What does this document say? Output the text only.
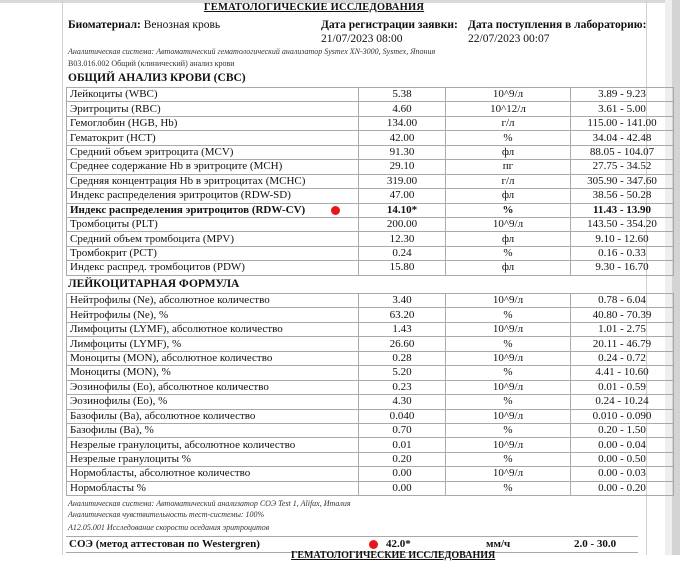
ГЕМАТОЛОГИЧЕСКИЕ ИССЛЕДОВАНИЯ
Биоматериал: Венозная кровь	Дата регистрации заявки:
21/07/2023 08:00
Дата поступления в лабораторию:
22/07/2023 00:07
Аналитическая система: Автоматический гематологический анализатор Sysmex XN-3000, Sysmex, Япония
В03.016.002 Общий (клинический) анализ крови
ОБЩИЙ АНАЛИЗ КРОВИ (CBC)
Лейкоциты (WBC)	5.38	10^9/л	3.89 - 9.23
Эритроциты (RBC)	4.60	10^12/л	3.61 - 5.00
Гемоглобин (HGB, Hb)	134.00	г/л	115.00 - 141.00
Гематокрит (HCT)	42.00	%	34.04 - 42.48
Средний объем эритроцита (MCV)	91.30	фл	88.05 - 104.07
Среднее содержание Hb в эритроците (MCH)	29.10	пг	27.75 - 34.52
Средняя концентрация Hb в эритроцитах (MCHC)	319.00	г/л	305.90 - 347.60
Индекс распределения эритроцитов (RDW-SD)	47.00	фл	38.56 - 50.28
Индекс распределения эритроцитов (RDW-CV)	14.10*	%	11.43 - 13.90
Тромбоциты (PLT)	200.00	10^9/л	143.50 - 354.20
Средний объем тромбоцита (MPV)	12.30	фл	9.10 - 12.60
Тромбокрит (PCT)	0.24	%	0.16 - 0.33
Индекс распред. тромбоцитов (PDW)	15.80	фл	9.30 - 16.70
ЛЕЙКОЦИТАРНАЯ ФОРМУЛА
Нейтрофилы (Ne), абсолютное количество	3.40	10^9/л	0.78 - 6.04
Нейтрофилы (Ne), %	63.20	%	40.80 - 70.39
Лимфоциты (LYMF), абсолютное количество	1.43	10^9/л	1.01 - 2.75
Лимфоциты (LYMF), %	26.60	%	20.11 - 46.79
Моноциты (MON), абсолютное количество	0.28	10^9/л	0.24 - 0.72
Моноциты (MON), %	5.20	%	4.41 - 10.60
Эозинофилы (Eo), абсолютное количество	0.23	10^9/л	0.01 - 0.59
Эозинофилы (Eo), %	4.30	%	0.24 - 10.24
Базофилы (Ba), абсолютное количество	0.040	10^9/л	0.010 - 0.090
Базофилы (Ba), %	0.70	%	0.20 - 1.50
Незрелые гранулоциты, абсолютное количество	0.01	10^9/л	0.00 - 0.04
Незрелые гранулоциты %	0.20	%	0.00 - 0.50
Нормобласты, абсолютное количество	0.00	10^9/л	0.00 - 0.03
Нормобласты %	0.00	%	0.00 - 0.20
Аналитическая система: Автоматический анализатор СОЭ Test 1, Alifax, Италия
Аналитическая чувствительность тест-системы: 100%
А12.05.001 Исследование скорости оседания эритроцитов
СОЭ (метод аттестован по Westergren)	42.0*	мм/ч	2.0 - 30.0
ГЕМАТОЛОГИЧЕСКИЕ ИССЛЕДОВАНИЯ
